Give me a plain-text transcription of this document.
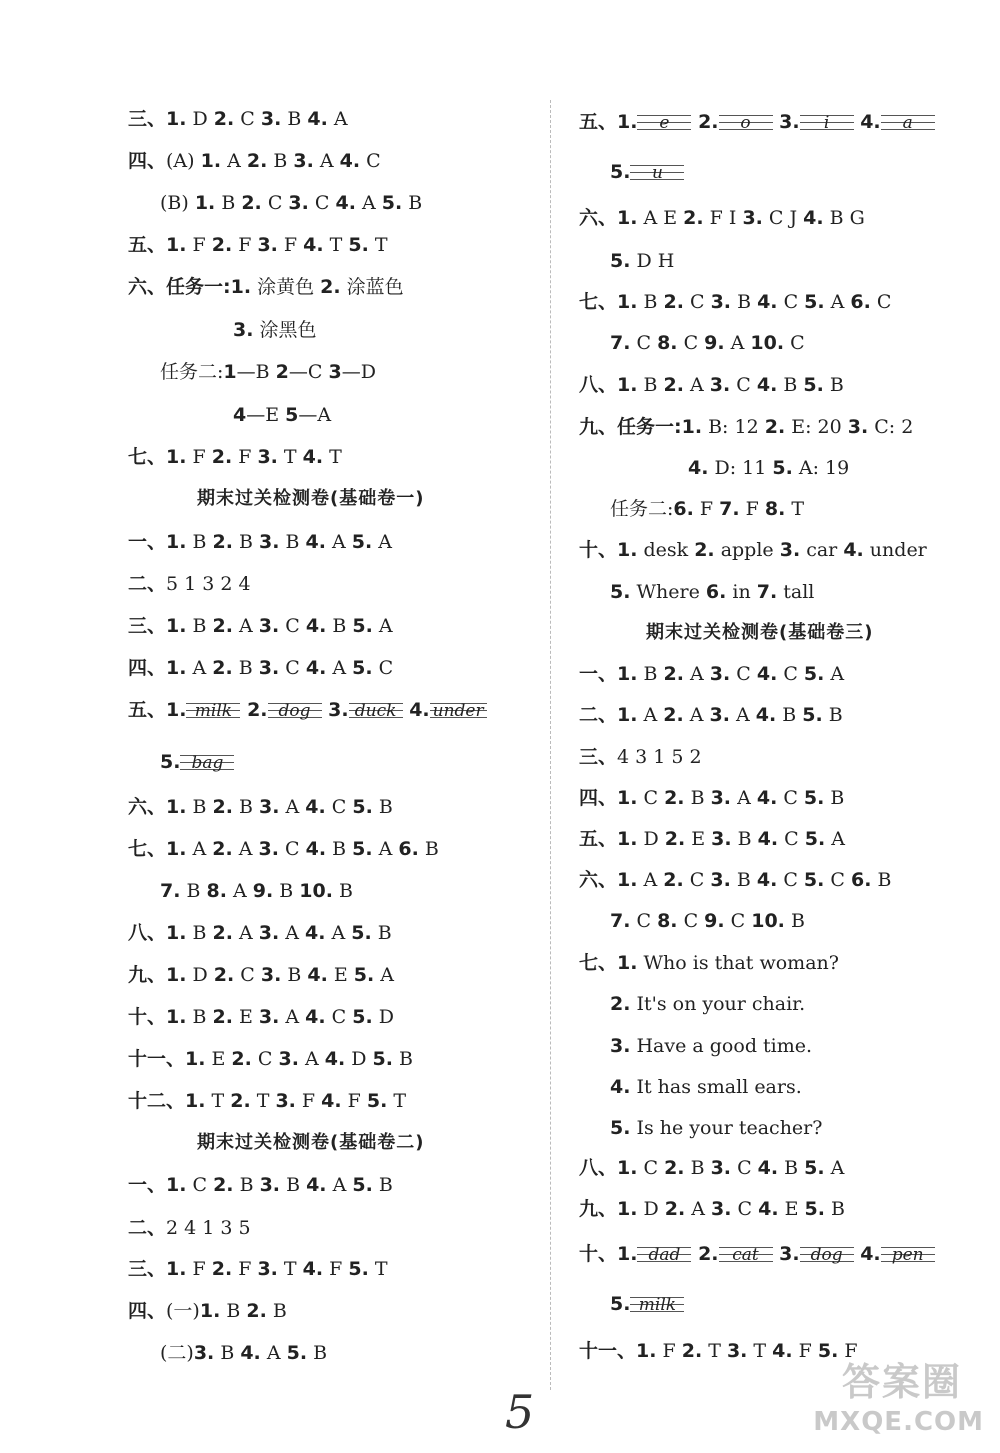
5
答案圈
MXQE.COM
三、1. D 2. C 3. B 4. A
四、(A) 1. A 2. B 3. A 4. C
(B) 1. B 2. C 3. C 4. A 5. B
五、1. F 2. F 3. F 4. T 5. T
六、任务一:1. 涂黄色 2. 涂蓝色
3. 涂黑色
任务二:1—B 2—C 3—D
4—E 5—A
七、1. F 2. F 3. T 4. T
期末过关检测卷(基础卷一)
一、1. B 2. B 3. B 4. A 5. A
二、5 1 3 2 4
三、1. B 2. A 3. C 4. B 5. A
四、1. A 2. B 3. C 4. A 5. C
五、1. milk 2. dog 3. duck 4. under
5. bag
六、1. B 2. B 3. A 4. C 5. B
七、1. A 2. A 3. C 4. B 5. A 6. B
7. B 8. A 9. B 10. B
八、1. B 2. A 3. A 4. A 5. B
九、1. D 2. C 3. B 4. E 5. A
十、1. B 2. E 3. A 4. C 5. D
十一、1. E 2. C 3. A 4. D 5. B
十二、1. T 2. T 3. F 4. F 5. T
期末过关检测卷(基础卷二)
一、1. C 2. B 3. B 4. A 5. B
二、2 4 1 3 5
三、1. F 2. F 3. T 4. F 5. T
四、(一)1. B 2. B
(二)3. B 4. A 5. B
五、1. e 2. o 3. i 4. a
5. u
六、1. A E 2. F I 3. C J 4. B G
5. D H
七、1. B 2. C 3. B 4. C 5. A 6. C
7. C 8. C 9. A 10. C
八、1. B 2. A 3. C 4. B 5. B
九、任务一:1. B: 12 2. E: 20 3. C: 2
4. D: 11 5. A: 19
任务二:6. F 7. F 8. T
十、1. desk 2. apple 3. car 4. under
5. Where 6. in 7. tall
期末过关检测卷(基础卷三)
一、1. B 2. A 3. C 4. C 5. A
二、1. A 2. A 3. A 4. B 5. B
三、4 3 1 5 2
四、1. C 2. B 3. A 4. C 5. B
五、1. D 2. E 3. B 4. C 5. A
六、1. A 2. C 3. B 4. C 5. C 6. B
7. C 8. C 9. C 10. B
七、1. Who is that woman?
2. It's on your chair.
3. Have a good time.
4. It has small ears.
5. Is he your teacher?
八、1. C 2. B 3. C 4. B 5. A
九、1. D 2. A 3. C 4. E 5. B
十、1. dad 2. cat 3. dog 4. pen
5. milk
十一、1. F 2. T 3. T 4. F 5. F
